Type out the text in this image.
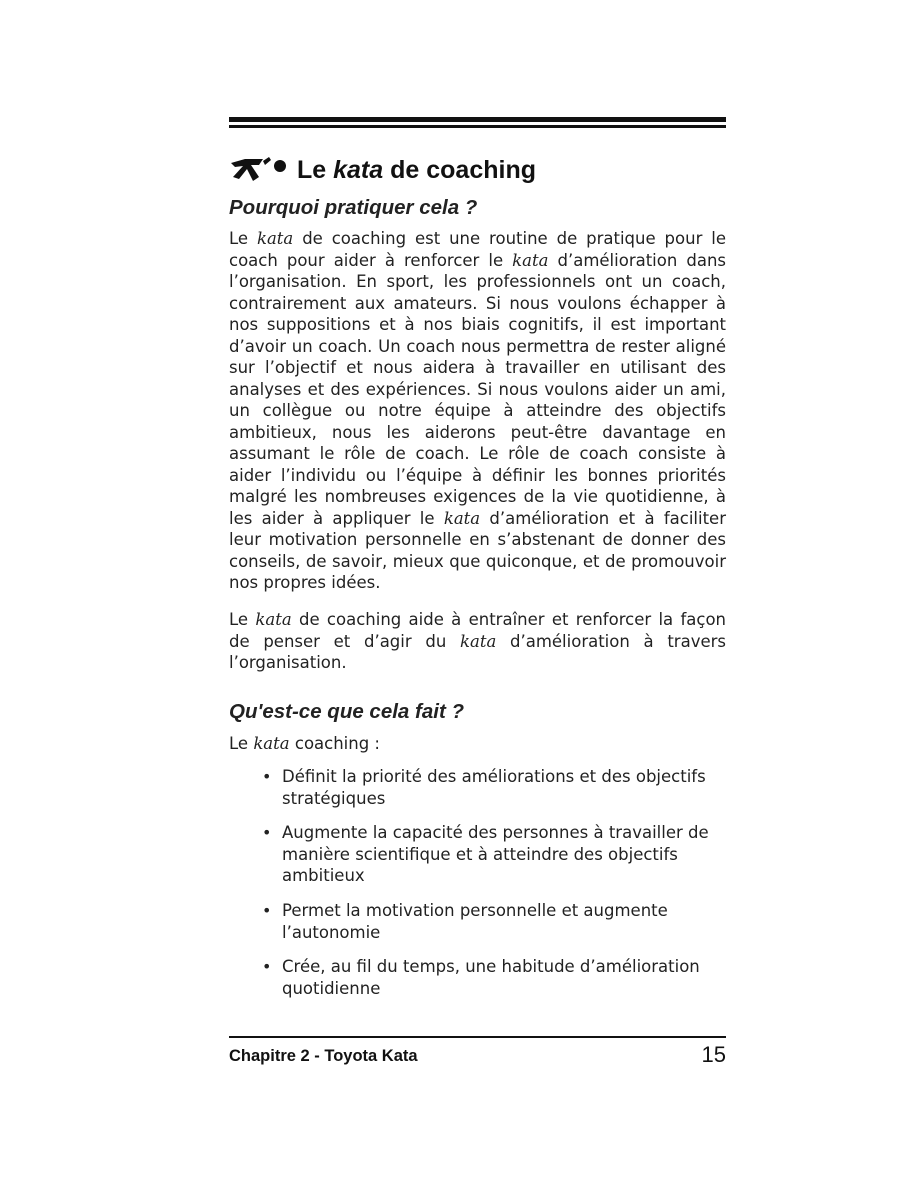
Le kata de coaching
Pourquoi pratiquer cela ?

Le kata de coaching est une routine de pratique pour le coach pour aider à renforcer le kata d’amélioration dans l’organisation. En sport, les professionnels ont un coach, contrairement aux amateurs. Si nous voulons échapper à nos suppositions et à nos biais cognitifs, il est important d’avoir un coach. Un coach nous permettra de rester aligné sur l’objectif et nous aidera à travailler en utilisant des analyses et des expériences. Si nous voulons aider un ami, un collègue ou notre équipe à atteindre des objectifs ambitieux, nous les aiderons peut-être davantage en assumant le rôle de coach. Le rôle de coach consiste à aider l’individu ou l’équipe à définir les bonnes priorités malgré les nombreuses exigences de la vie quotidienne, à les aider à appliquer le kata d’amélioration et à faciliter leur motivation personnelle en s’abstenant de donner des conseils, de savoir, mieux que quiconque, et de promouvoir nos propres idées.

Le kata de coaching aide à entraîner et renforcer la façon de penser et d’agir du kata d’amélioration à travers l’organisation.

Qu'est-ce que cela fait ?

Le kata coaching :

• Définit la priorité des améliorations et des objectifs stratégiques
• Augmente la capacité des personnes à travailler de manière scientifique et à atteindre des objectifs ambitieux
• Permet la motivation personnelle et augmente l’autonomie
• Crée, au fil du temps, une habitude d’amélioration quotidienne
Chapitre 2 - Toyota Kata	15
